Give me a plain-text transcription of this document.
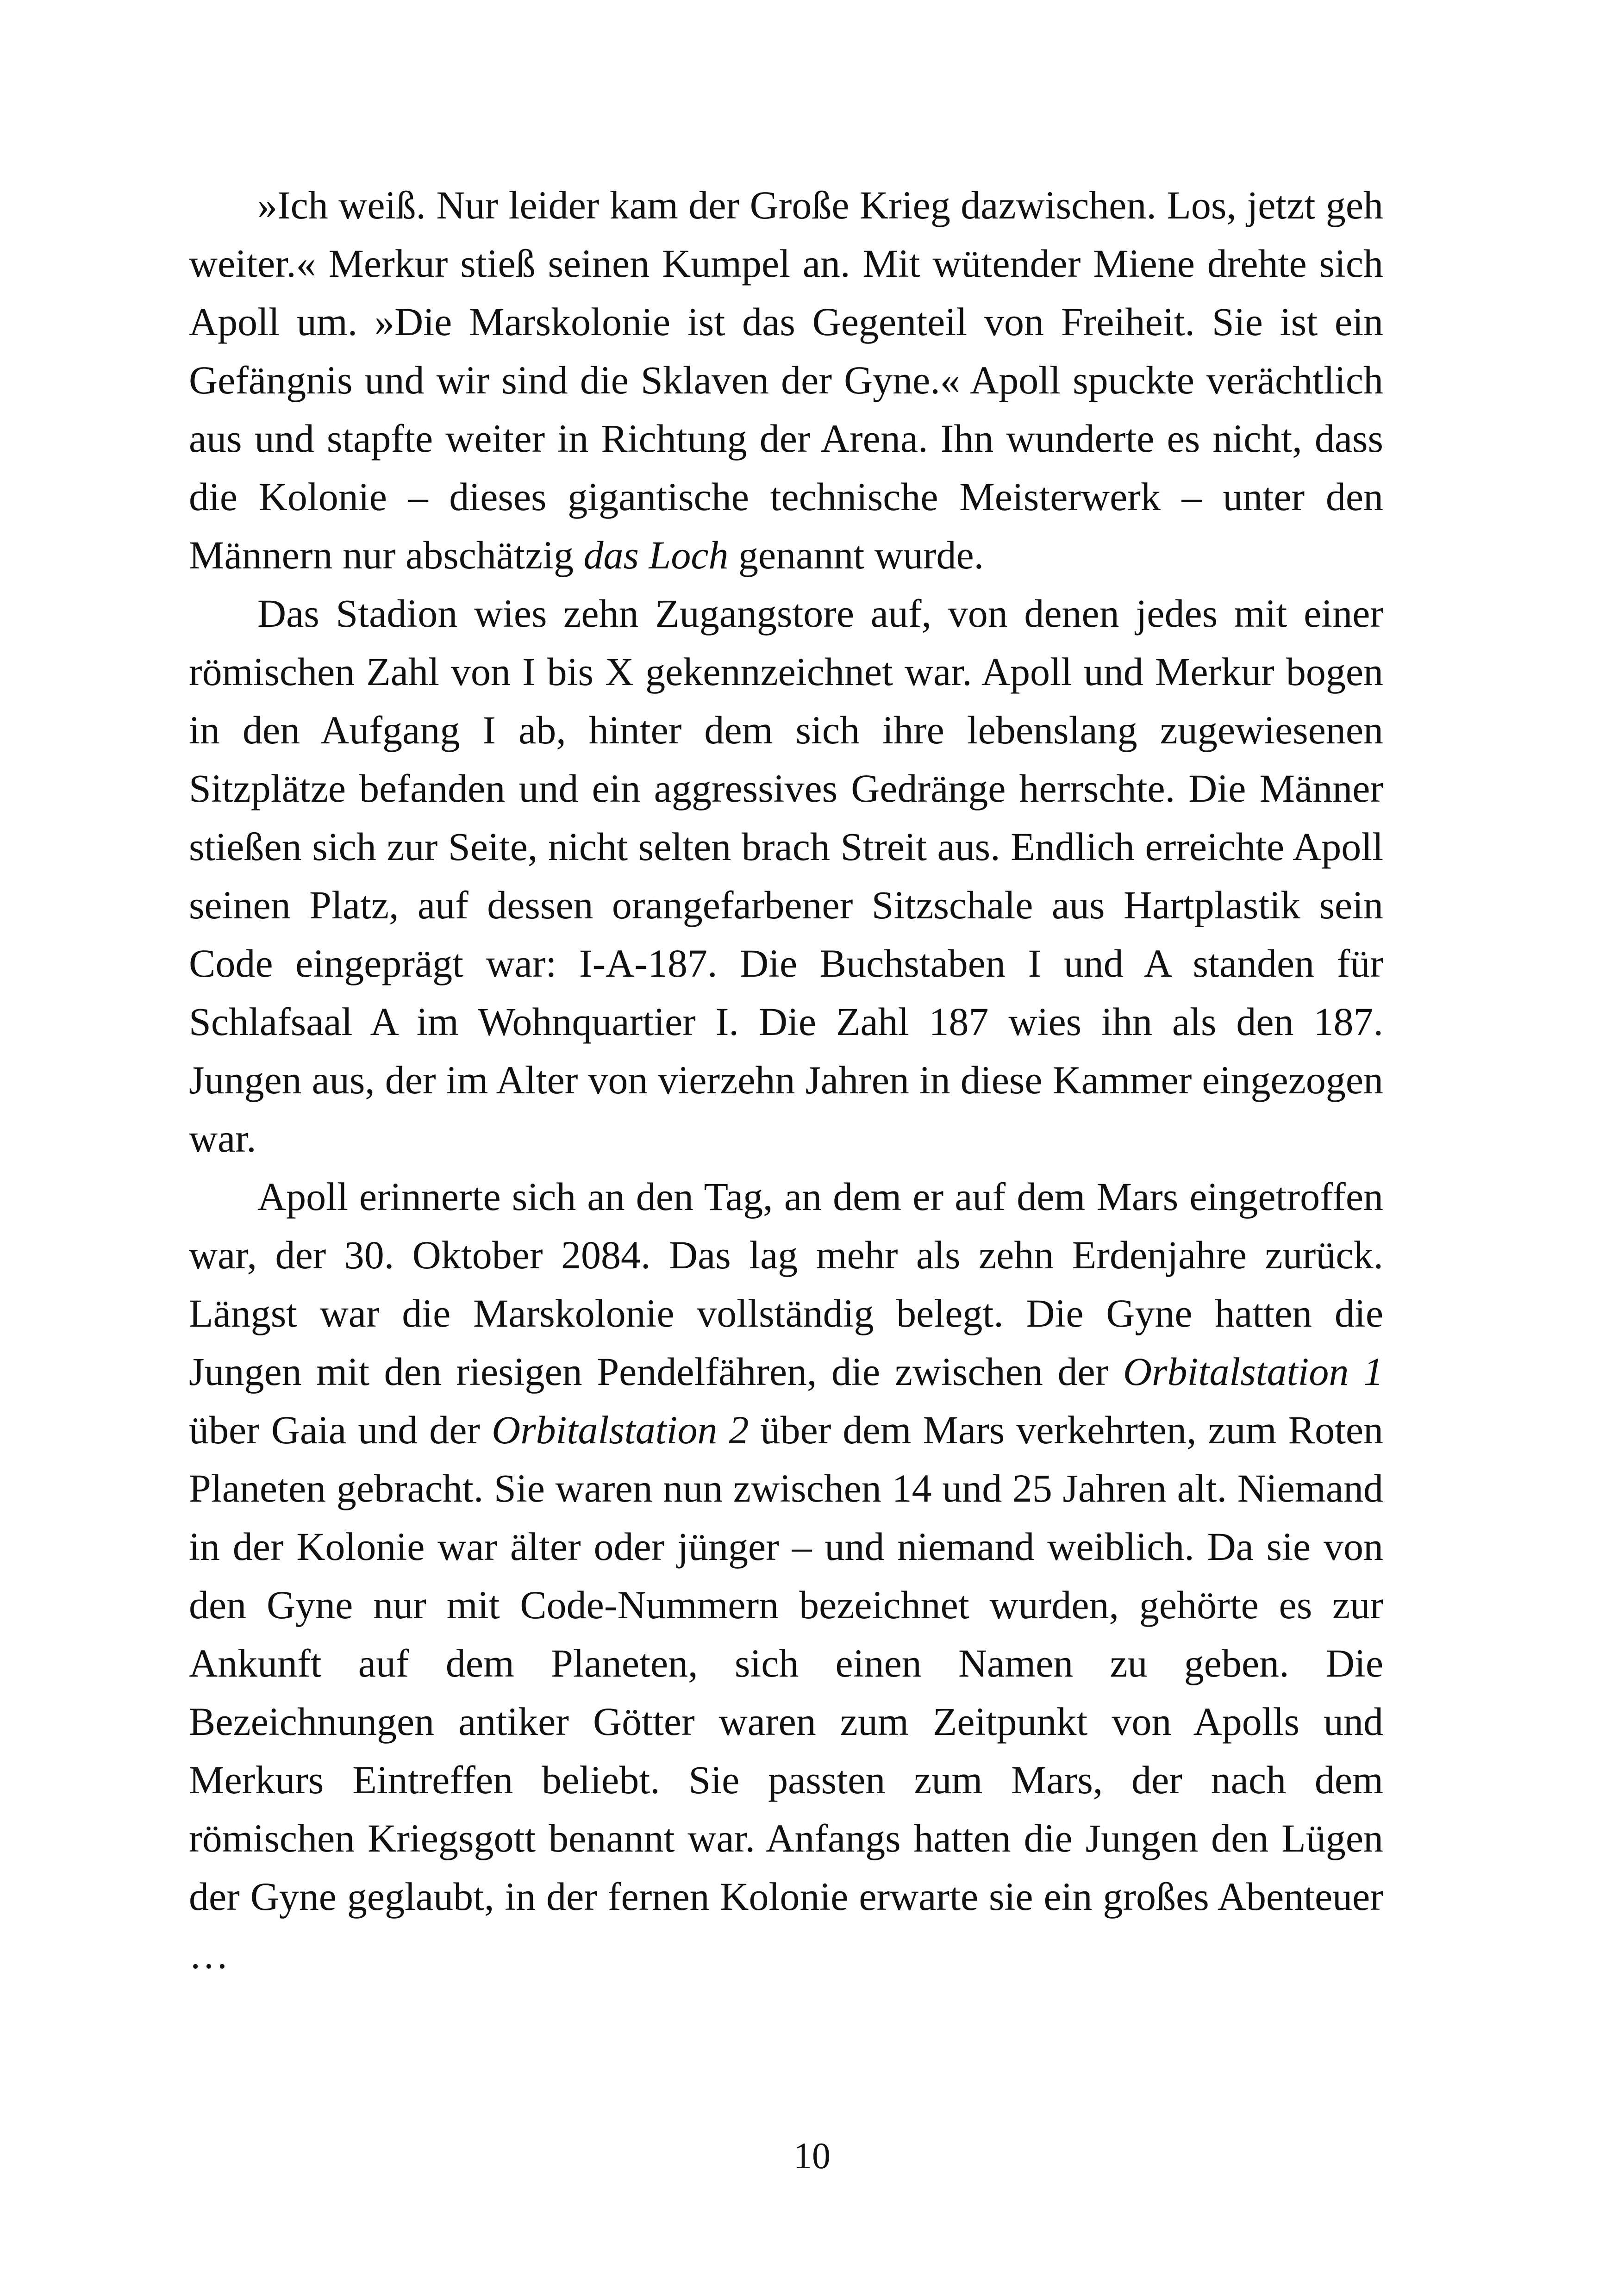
»Ich weiß. Nur leider kam der Große Krieg dazwischen. Los, jetzt geh weiter.« Merkur stieß seinen Kumpel an. Mit wütender Miene drehte sich Apoll um. »Die Marskolonie ist das Gegenteil von Freiheit. Sie ist ein Gefängnis und wir sind die Sklaven der Gyne.« Apoll spuckte verächtlich aus und stapfte weiter in Richtung der Arena. Ihn wunderte es nicht, dass die Kolonie – dieses gigantische technische Meisterwerk – unter den Männern nur abschätzig das Loch genannt wurde.

Das Stadion wies zehn Zugangstore auf, von denen jedes mit einer römischen Zahl von I bis X gekennzeichnet war. Apoll und Merkur bogen in den Aufgang I ab, hinter dem sich ihre lebenslang zugewiesenen Sitzplätze befanden und ein aggressives Gedränge herrschte. Die Männer stießen sich zur Seite, nicht selten brach Streit aus. Endlich erreichte Apoll seinen Platz, auf dessen orangefarbener Sitzschale aus Hartplastik sein Code eingeprägt war: I-A-187. Die Buchstaben I und A standen für Schlafsaal A im Wohnquartier I. Die Zahl 187 wies ihn als den 187. Jungen aus, der im Alter von vierzehn Jahren in diese Kammer eingezogen war.

Apoll erinnerte sich an den Tag, an dem er auf dem Mars eingetroffen war, der 30. Oktober 2084. Das lag mehr als zehn Erdenjahre zurück. Längst war die Marskolonie vollständig belegt. Die Gyne hatten die Jungen mit den riesigen Pendelfähren, die zwischen der Orbitalstation 1 über Gaia und der Orbitalstation 2 über dem Mars verkehrten, zum Roten Planeten gebracht. Sie waren nun zwischen 14 und 25 Jahren alt. Niemand in der Kolonie war älter oder jünger – und niemand weiblich. Da sie von den Gyne nur mit Code-Nummern bezeichnet wurden, gehörte es zur Ankunft auf dem Planeten, sich einen Namen zu geben. Die Bezeichnungen antiker Götter waren zum Zeitpunkt von Apolls und Merkurs Eintreffen beliebt. Sie passten zum Mars, der nach dem römischen Kriegsgott benannt war. Anfangs hatten die Jungen den Lügen der Gyne geglaubt, in der fernen Kolonie erwarte sie ein großes Abenteuer …

10
